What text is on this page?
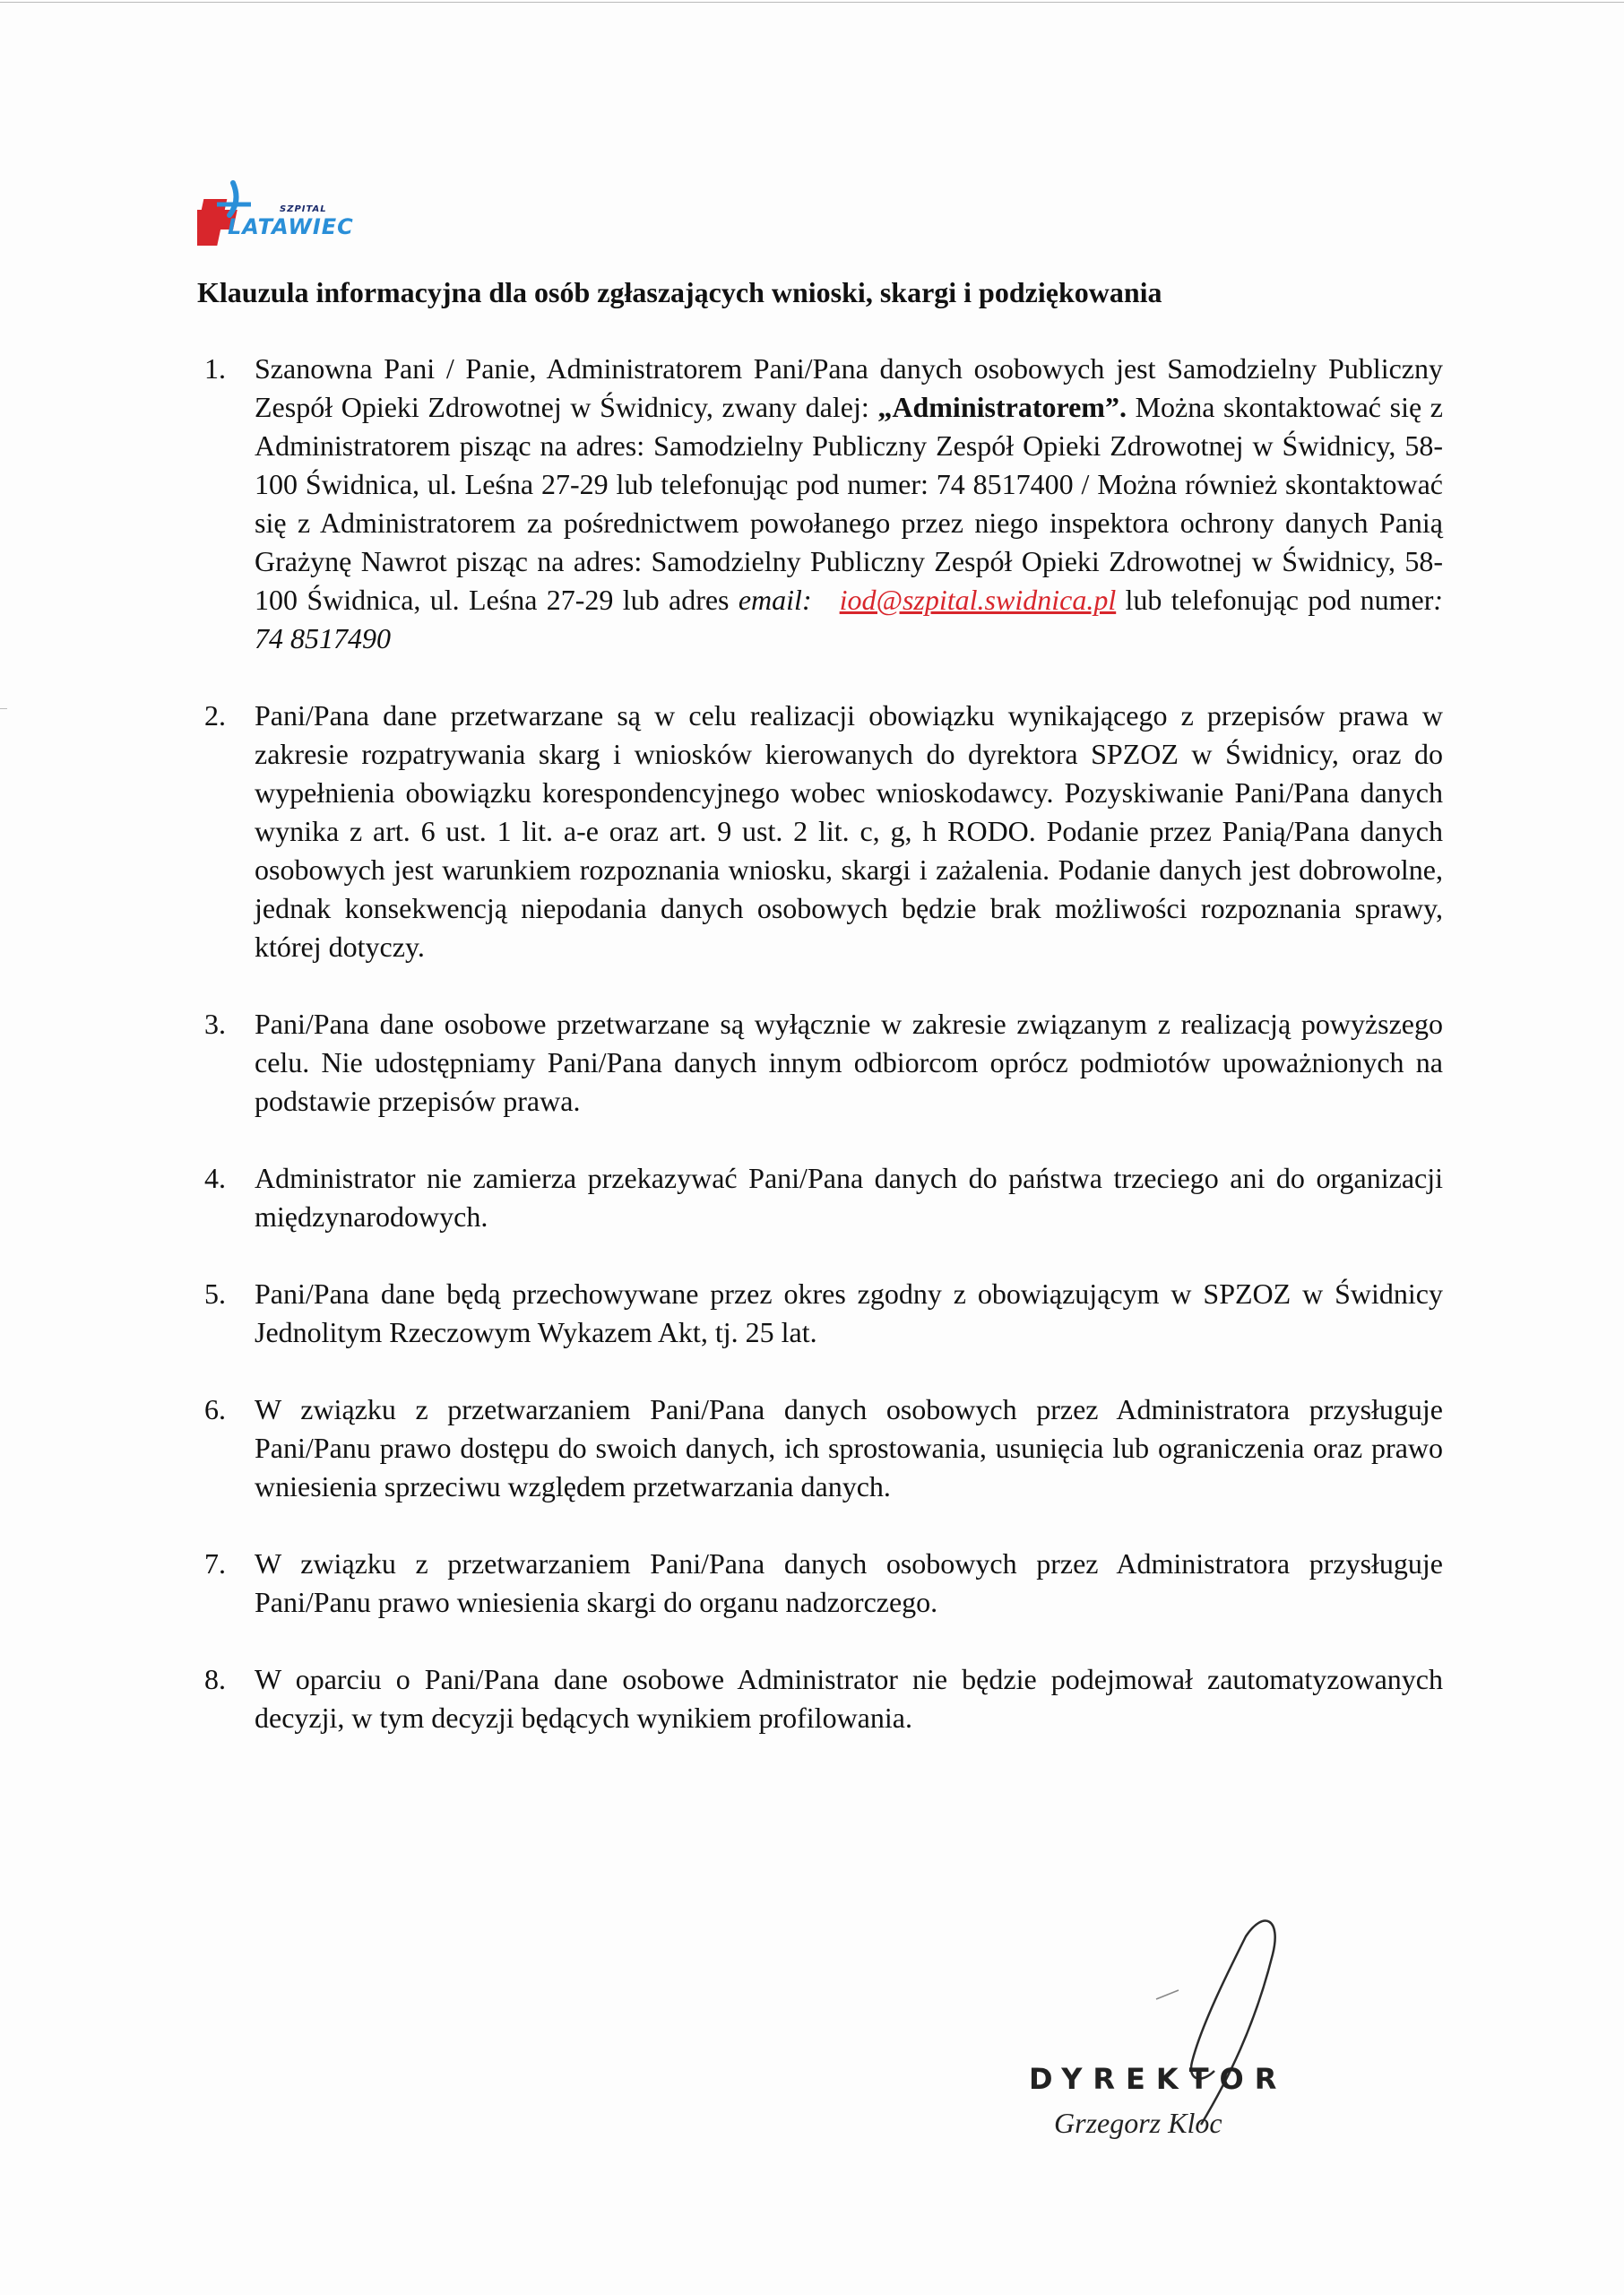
SZPITAL
LATAWIEC
Klauzula informacyjna dla osób zgłaszających wnioski, skargi i podziękowania
1.	Szanowna Pani / Panie, Administratorem Pani/Pana danych osobowych jest Samodzielny Publiczny Zespół Opieki Zdrowotnej w Świdnicy, zwany dalej: „Administratorem”. Można skontaktować się z Administratorem pisząc na adres: Samodzielny Publiczny Zespół Opieki Zdrowotnej w Świdnicy, 58-100 Świdnica, ul. Leśna 27-29 lub telefonując pod numer: 74 8517400 / Można również skontaktować się z Administratorem za pośrednictwem powołanego przez niego inspektora ochrony danych Panią Grażynę Nawrot pisząc na adres: Samodzielny Publiczny Zespół Opieki Zdrowotnej w Świdnicy, 58-100 Świdnica, ul. Leśna 27-29 lub adres email: iod@szpital.swidnica.pl lub telefonując pod numer: 74 8517490
2.	Pani/Pana dane przetwarzane są w celu realizacji obowiązku wynikającego z przepisów prawa w zakresie rozpatrywania skarg i wniosków kierowanych do dyrektora SPZOZ w Świdnicy, oraz do wypełnienia obowiązku korespondencyjnego wobec wnioskodawcy. Pozyskiwanie Pani/Pana danych wynika z art. 6 ust. 1 lit. a-e oraz art. 9 ust. 2 lit. c, g, h RODO. Podanie przez Panią/Pana danych osobowych jest warunkiem rozpoznania wniosku, skargi i zażalenia. Podanie danych jest dobrowolne, jednak konsekwencją niepodania danych osobowych będzie brak możliwości rozpoznania sprawy, której dotyczy.
3.	Pani/Pana dane osobowe przetwarzane są wyłącznie w zakresie związanym z realizacją powyższego celu. Nie udostępniamy Pani/Pana danych innym odbiorcom oprócz podmiotów upoważnionych na podstawie przepisów prawa.
4.	Administrator nie zamierza przekazywać Pani/Pana danych do państwa trzeciego ani do organizacji międzynarodowych.
5.	Pani/Pana dane będą przechowywane przez okres zgodny z obowiązującym w SPZOZ w Świdnicy Jednolitym Rzeczowym Wykazem Akt, tj. 25 lat.
6.	W związku z przetwarzaniem Pani/Pana danych osobowych przez Administratora przysługuje Pani/Panu prawo dostępu do swoich danych, ich sprostowania, usunięcia lub ograniczenia oraz prawo wniesienia sprzeciwu względem przetwarzania danych.
7.	W związku z przetwarzaniem Pani/Pana danych osobowych przez Administratora przysługuje Pani/Panu prawo wniesienia skargi do organu nadzorczego.
8.	W oparciu o Pani/Pana dane osobowe Administrator nie będzie podejmował zautomatyzowanych decyzji, w tym decyzji będących wynikiem profilowania.
DYREKTOR
Grzegorz Kloc
